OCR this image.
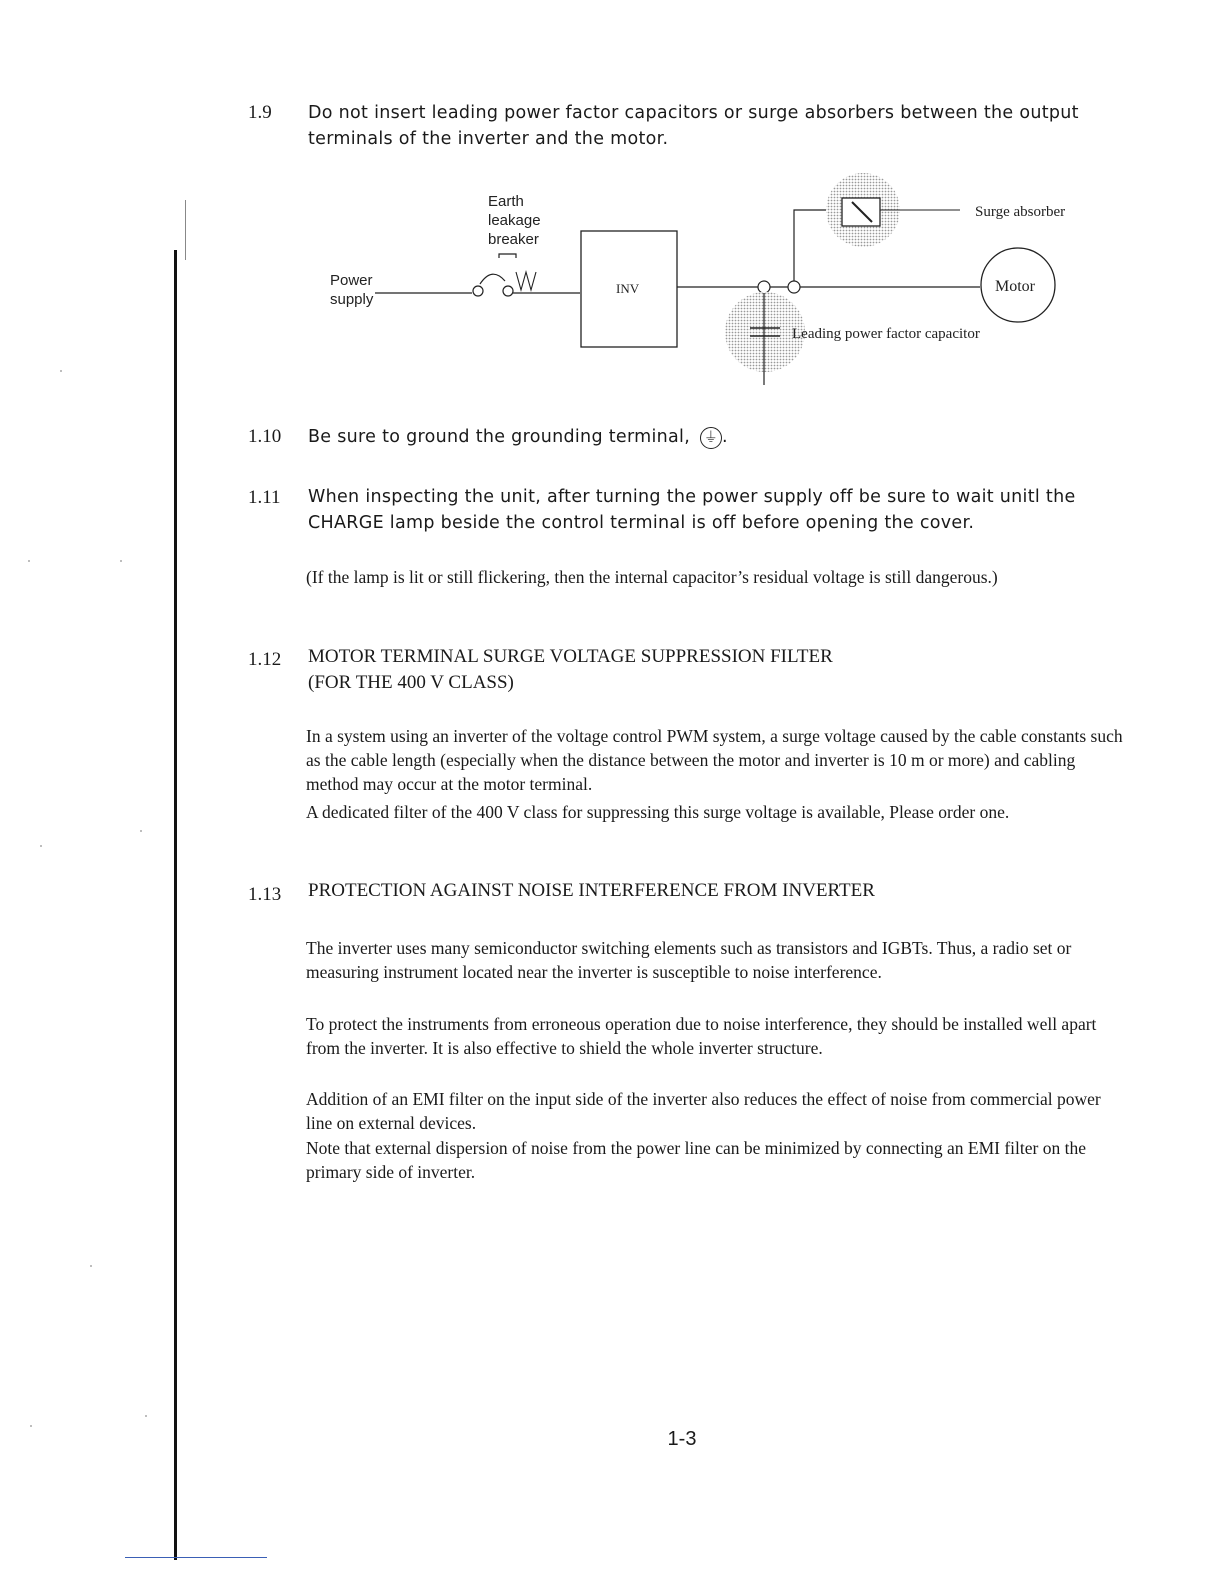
1.9 Do not insert leading power factor capacitors or surge absorbers between the output
terminals of the inverter and the motor.
Power
supply
Earth
leakage
breaker
INV
Surge absorber
Motor
Leading power factor capacitor
1.10 Be sure to ground the grounding terminal, ⏚ .
1.11 When inspecting the unit, after turning the power supply off be sure to wait unitl the
CHARGE lamp beside the control terminal is off before opening the cover.
(If the lamp is lit or still flickering, then the internal capacitor’s residual voltage is still dangerous.)
1.12 MOTOR TERMINAL SURGE VOLTAGE SUPPRESSION FILTER
(FOR THE 400 V CLASS)
In a system using an inverter of the voltage control PWM system, a surge voltage caused by the cable constants such as the cable length (especially when the distance between the motor and inverter is 10 m or more) and cabling method may occur at the motor terminal.
A dedicated filter of the 400 V class for suppressing this surge voltage is available, Please order one.
1.13 PROTECTION AGAINST NOISE INTERFERENCE FROM INVERTER
The inverter uses many semiconductor switching elements such as transistors and IGBTs. Thus, a radio set or measuring instrument located near the inverter is susceptible to noise interference.
To protect the instruments from erroneous operation due to noise interference, they should be installed well apart from the inverter. It is also effective to shield the whole inverter structure.
Addition of an EMI filter on the input side of the inverter also reduces the effect of noise from commercial power line on external devices.
Note that external dispersion of noise from the power line can be minimized by connecting an EMI filter on the primary side of inverter.
1-3
